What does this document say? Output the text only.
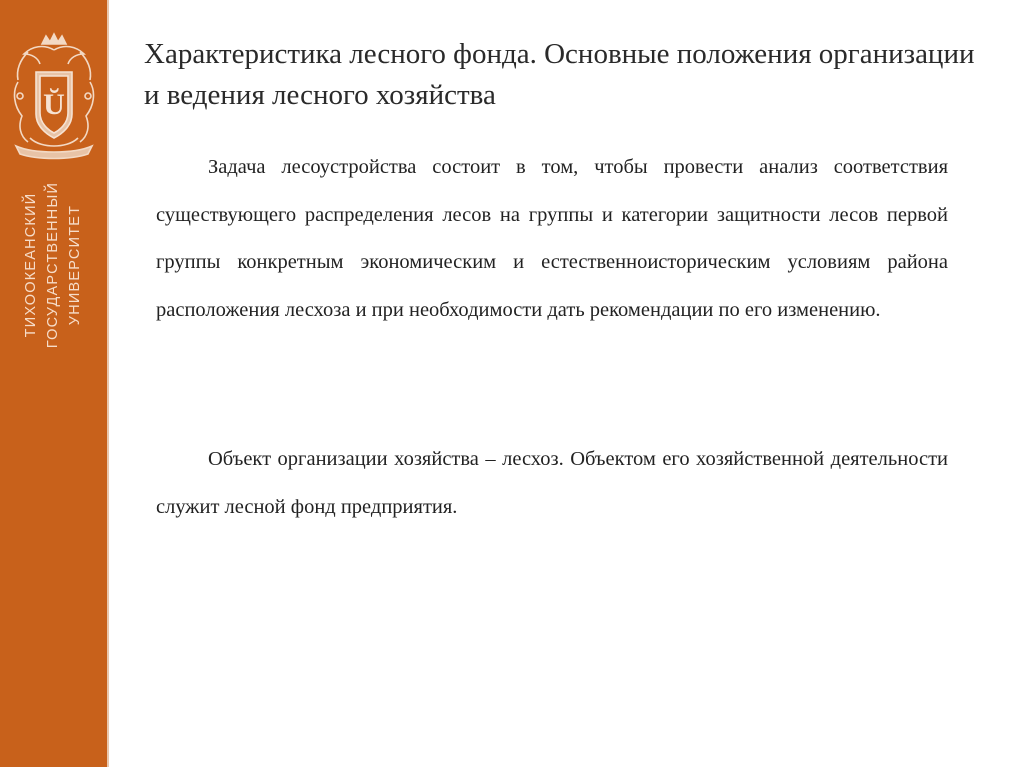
Ŭ
ТИХООКЕАНСКИЙ ГОСУДАРСТВЕННЫЙ УНИВЕРСИТЕТ
Характеристика лесного фонда. Основные положения организации и ведения лесного хозяйства

Задача лесоустройства состоит в том, чтобы провести анализ соответствия существующего распределения лесов на группы и категории защитности лесов первой группы конкретным экономическим и естественноисторическим условиям района расположения лесхоза и при необходимости дать рекомендации по его изменению.

Объект организации хозяйства – лесхоз. Объектом его хозяйственной деятельности служит лесной фонд предприятия.
